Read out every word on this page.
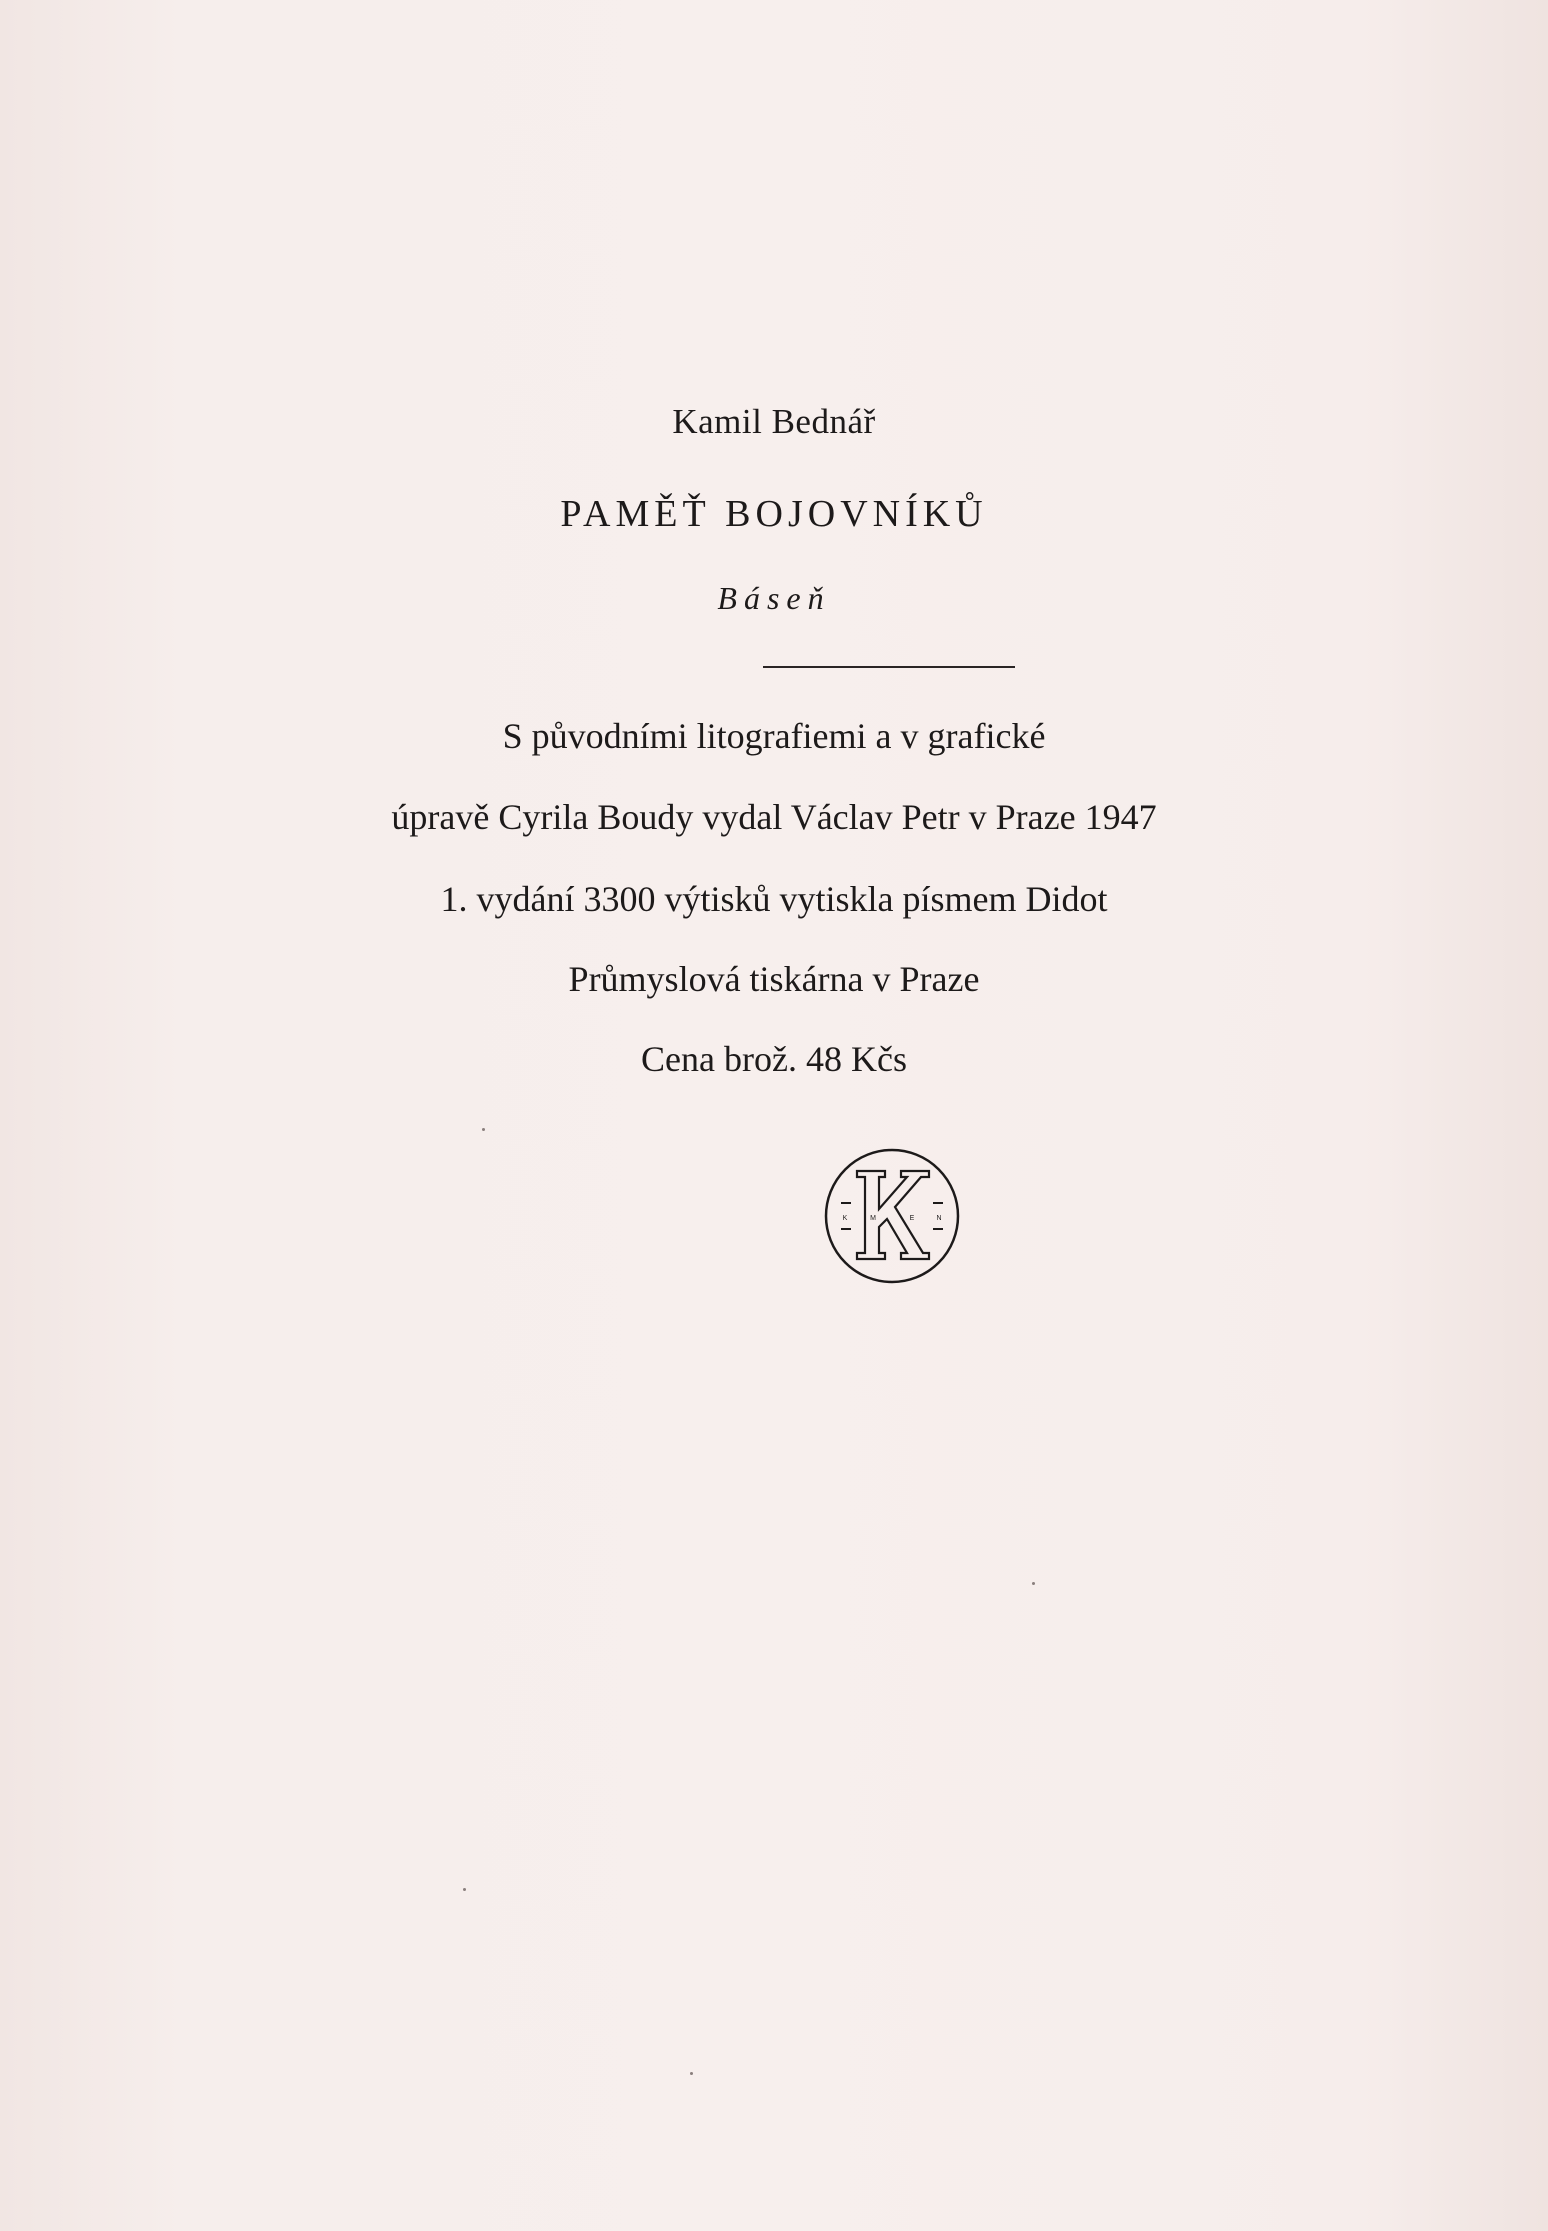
Kamil Bednář
PAMĚŤ BOJOVNÍKŮ
Báseň
S původními litografiemi a v grafické
úpravě Cyrila Boudy vydal Václav Petr v Praze 1947
1. vydání 3300 výtisků vytiskla písmem Didot
Průmyslová tiskárna v Praze
Cena brož. 48 Kčs
K	M	E	N
